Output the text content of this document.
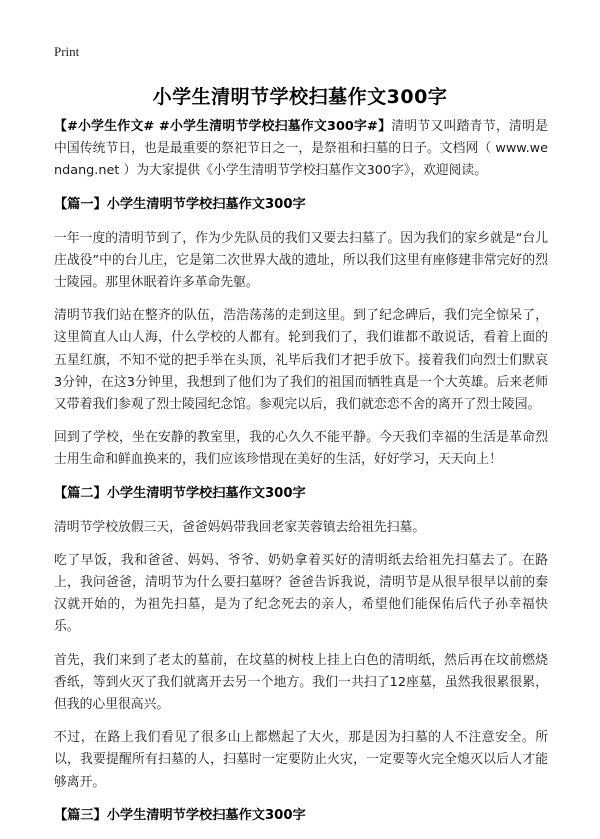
Print
小学生清明节学校扫墓作文300字

【#小学生作文# #小学生清明节学校扫墓作文300字#】清明节又叫踏青节，清明是中国传统节日，也是最重要的祭祀节日之一，是祭祖和扫墓的日子。文档网（ www.wendang.net ）为大家提供《小学生清明节学校扫墓作文300字》，欢迎阅读。

【篇一】小学生清明节学校扫墓作文300字

一年一度的清明节到了，作为少先队员的我们又要去扫墓了。因为我们的家乡就是“台儿庄战役”中的台儿庄，它是第二次世界大战的遗址，所以我们这里有座修建非常完好的烈士陵园。那里休眠着许多革命先躯。

清明节我们站在整齐的队伍，浩浩荡荡的走到这里。到了纪念碑后，我们完全惊呆了，这里简直人山人海，什么学校的人都有。轮到我们了，我们谁都不敢说话，看着上面的五星红旗，不知不觉的把手举在头顶，礼毕后我们才把手放下。接着我们向烈士们默哀3分钟，在这3分钟里，我想到了他们为了我们的祖国而牺牲真是一个大英雄。后来老师又带着我们参观了烈士陵园纪念馆。参观完以后，我们就恋恋不舍的离开了烈士陵园。

回到了学校，坐在安静的教室里，我的心久久不能平静。今天我们幸福的生活是革命烈士用生命和鲜血换来的，我们应该珍惜现在美好的生活，好好学习，天天向上！

【篇二】小学生清明节学校扫墓作文300字

清明节学校放假三天，爸爸妈妈带我回老家芙蓉镇去给祖先扫墓。

吃了早饭，我和爸爸、妈妈、爷爷、奶奶拿着买好的清明纸去给祖先扫墓去了。在路上，我问爸爸，清明节为什么要扫墓呀？爸爸告诉我说，清明节是从很早很早以前的秦汉就开始的，为祖先扫墓，是为了纪念死去的亲人，希望他们能保佑后代子孙幸福快乐。

首先，我们来到了老太的墓前，在坟墓的树枝上挂上白色的清明纸，然后再在坟前燃烧香纸，等到火灭了我们就离开去另一个地方。我们一共扫了12座墓，虽然我很累很累，但我的心里很高兴。

不过，在路上我们看见了很多山上都燃起了大火，那是因为扫墓的人不注意安全。所以，我要提醒所有扫墓的人，扫墓时一定要防止火灾，一定要等火完全熄灭以后人才能够离开。

【篇三】小学生清明节学校扫墓作文300字
